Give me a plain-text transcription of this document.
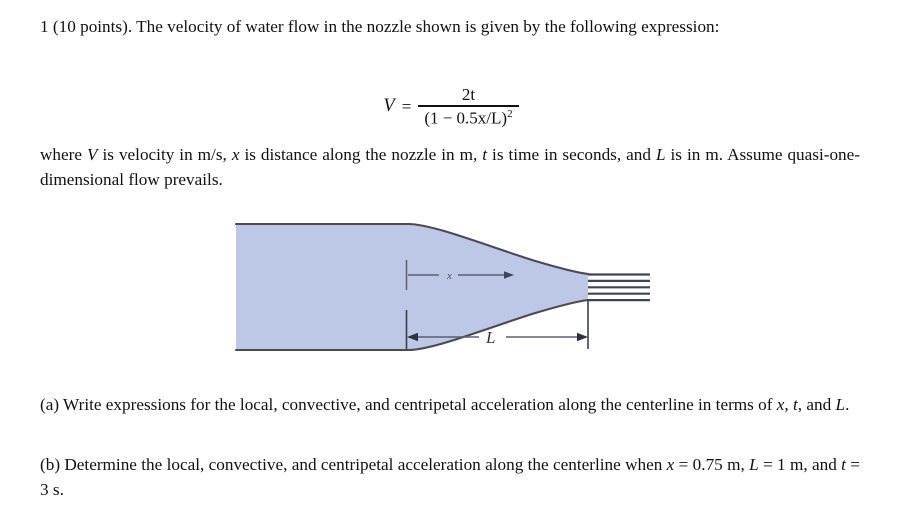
1 (10 points). The velocity of water flow in the nozzle shown is given by the following expression:
$V = \frac{2t}{(1 - 0.5x/L)^2}$
where V is velocity in m/s, x is distance along the nozzle in m, t is time in seconds, and L is in m. Assume quasi-one-dimensional flow prevails.
x
L
(a) Write expressions for the local, convective, and centripetal acceleration along the centerline in terms of x, t, and L.
(b) Determine the local, convective, and centripetal acceleration along the centerline when x = 0.75 m, L = 1 m, and t = 3 s.
